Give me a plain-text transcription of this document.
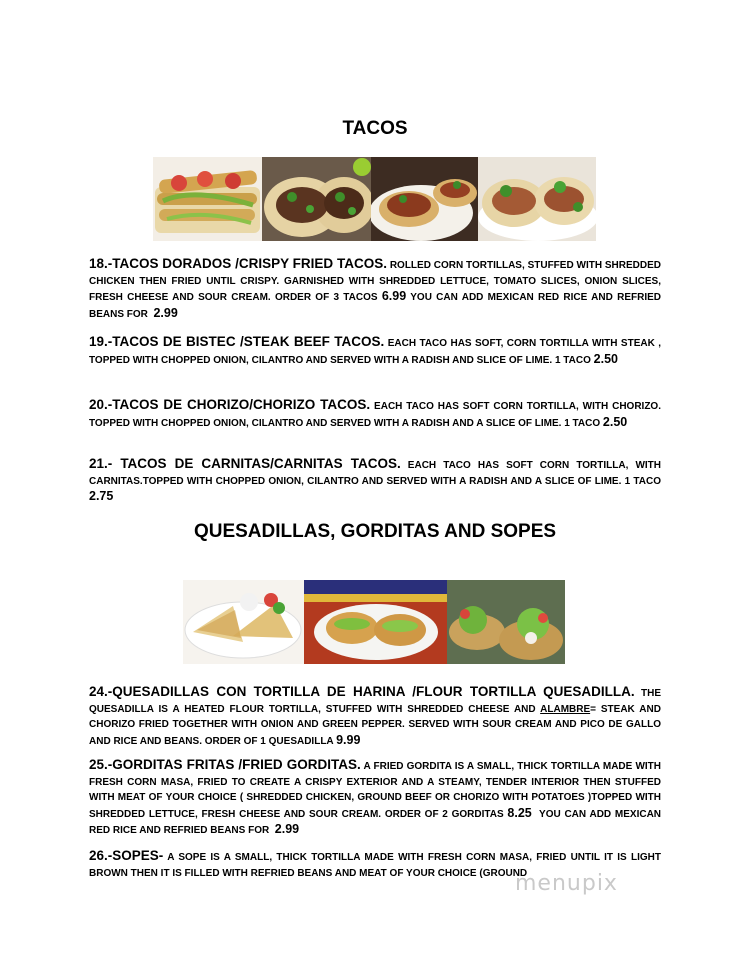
TACOS
18.-TACOS DORADOS /CRISPY FRIED TACOS. ROLLED CORN TORTILLAS, STUFFED WITH SHREDDED CHICKEN THEN FRIED UNTIL CRISPY. GARNISHED WITH SHREDDED LETTUCE, TOMATO SLICES, ONION SLICES, FRESH CHEESE AND SOUR CREAM. ORDER OF 3 TACOS 6.99 YOU CAN ADD MEXICAN RED RICE AND REFRIED BEANS FOR 2.99
19.-TACOS DE BISTEC /STEAK BEEF TACOS. EACH TACO HAS SOFT, CORN TORTILLA WITH STEAK , TOPPED WITH CHOPPED ONION, CILANTRO AND SERVED WITH A RADISH AND SLICE OF LIME. 1 TACO 2.50
20.-TACOS DE CHORIZO/CHORIZO TACOS. EACH TACO HAS SOFT CORN TORTILLA, WITH CHORIZO. TOPPED WITH CHOPPED ONION, CILANTRO AND SERVED WITH A RADISH AND A SLICE OF LIME. 1 TACO 2.50
21.- TACOS DE CARNITAS/CARNITAS TACOS. EACH TACO HAS SOFT CORN TORTILLA, WITH CARNITAS.TOPPED WITH CHOPPED ONION, CILANTRO AND SERVED WITH A RADISH AND A SLICE OF LIME. 1 TACO 2.75
QUESADILLAS, GORDITAS AND SOPES
24.-QUESADILLAS CON TORTILLA DE HARINA /FLOUR TORTILLA QUESADILLA. THE QUESADILLA IS A HEATED FLOUR TORTILLA, STUFFED WITH SHREDDED CHEESE AND ALAMBRE= STEAK AND CHORIZO FRIED TOGETHER WITH ONION AND GREEN PEPPER. SERVED WITH SOUR CREAM AND PICO DE GALLO AND RICE AND BEANS. ORDER OF 1 QUESADILLA 9.99
25.-GORDITAS FRITAS /FRIED GORDITAS. A FRIED GORDITA IS A SMALL, THICK TORTILLA MADE WITH FRESH CORN MASA, FRIED TO CREATE A CRISPY EXTERIOR AND A STEAMY, TENDER INTERIOR THEN STUFFED WITH MEAT OF YOUR CHOICE ( SHREDDED CHICKEN, GROUND BEEF OR CHORIZO WITH POTATOES )TOPPED WITH SHREDDED LETTUCE, FRESH CHEESE AND SOUR CREAM. ORDER OF 2 GORDITAS 8.25 YOU CAN ADD MEXICAN RED RICE AND REFRIED BEANS FOR 2.99
26.-SOPES- A SOPE IS A SMALL, THICK TORTILLA MADE WITH FRESH CORN MASA, FRIED UNTIL IT IS LIGHT BROWN THEN IT IS FILLED WITH REFRIED BEANS AND MEAT OF YOUR CHOICE (GROUND
menupix
